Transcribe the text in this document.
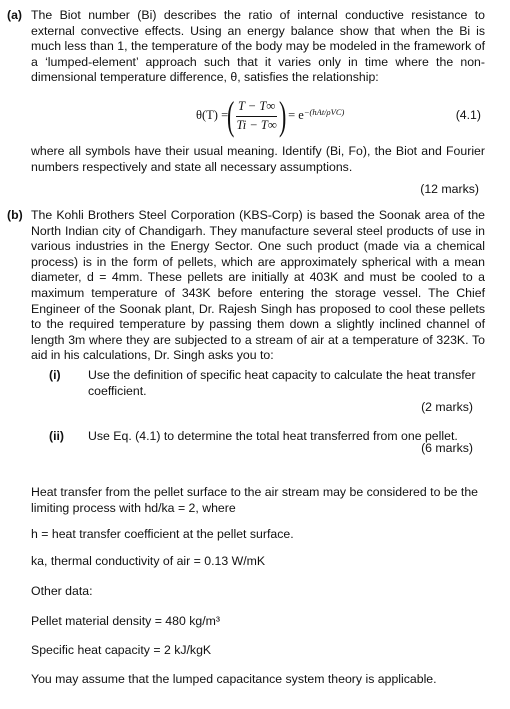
(a) The Biot number (Bi) describes the ratio of internal conductive resistance to external convective effects. Using an energy balance show that when the Bi is much less than 1, the temperature of the body may be modeled in the framework of a ‘lumped-element’ approach such that it varies only in time where the non-dimensional temperature difference, θ, satisfies the relationship:
θ(T) =
( $\frac{T - T\infty}{Ti - T\infty}$ ) = e −(hAt/ρVC)	(4.1)
where all symbols have their usual meaning. Identify (Bi, Fo), the Biot and Fourier numbers respectively and state all necessary assumptions.
(12 marks)
(b) The Kohli Brothers Steel Corporation (KBS-Corp) is based the Soonak area of the North Indian city of Chandigarh. They manufacture several steel products of use in various industries in the Energy Sector. One such product (made via a chemical process) is in the form of pellets, which are approximately spherical with a mean diameter, d = 4mm. These pellets are initially at 403K and must be cooled to a maximum temperature of 343K before entering the storage vessel. The Chief Engineer of the Soonak plant, Dr. Rajesh Singh has proposed to cool these pellets to the required temperature by passing them down a slightly inclined channel of length 3m where they are subjected to a stream of air at a temperature of 323K. To aid in his calculations, Dr. Singh asks you to:
(i) Use the definition of specific heat capacity to calculate the heat transfer coefficient.
(2 marks)
(ii) Use Eq. (4.1) to determine the total heat transferred from one pellet.
(6 marks)
Heat transfer from the pellet surface to the air stream may be considered to be the limiting process with hd/ka = 2, where
h = heat transfer coefficient at the pellet surface.
ka, thermal conductivity of air = 0.13 W/mK
Other data:
Pellet material density = 480 kg/m³
Specific heat capacity = 2 kJ/kgK
You may assume that the lumped capacitance system theory is applicable.
